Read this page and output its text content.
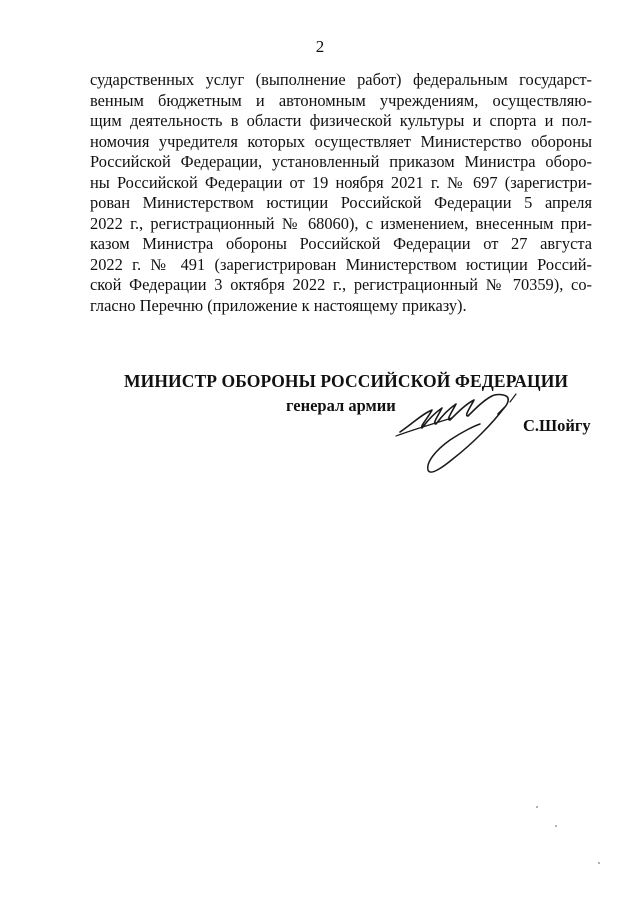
2
сударственных услуг (выполнение работ) федеральным государст-
венным бюджетным и автономным учреждениям, осуществляю-
щим деятельность в области физической культуры и спорта и пол-
номочия учредителя которых осуществляет Министерство обороны
Российской Федерации, установленный приказом Министра оборо-
ны Российской Федерации от 19 ноября 2021 г. № 697 (зарегистри-
рован Министерством юстиции Российской Федерации 5 апреля
2022 г., регистрационный № 68060), с изменением, внесенным при-
казом Министра обороны Российской Федерации от 27 августа
2022 г. № 491 (зарегистрирован Министерством юстиции Россий-
ской Федерации 3 октября 2022 г., регистрационный № 70359), со-
гласно Перечню (приложение к настоящему приказу).
МИНИСТР ОБОРОНЫ РОССИЙСКОЙ ФЕДЕРАЦИИ
генерал армии
С.Шойгу
